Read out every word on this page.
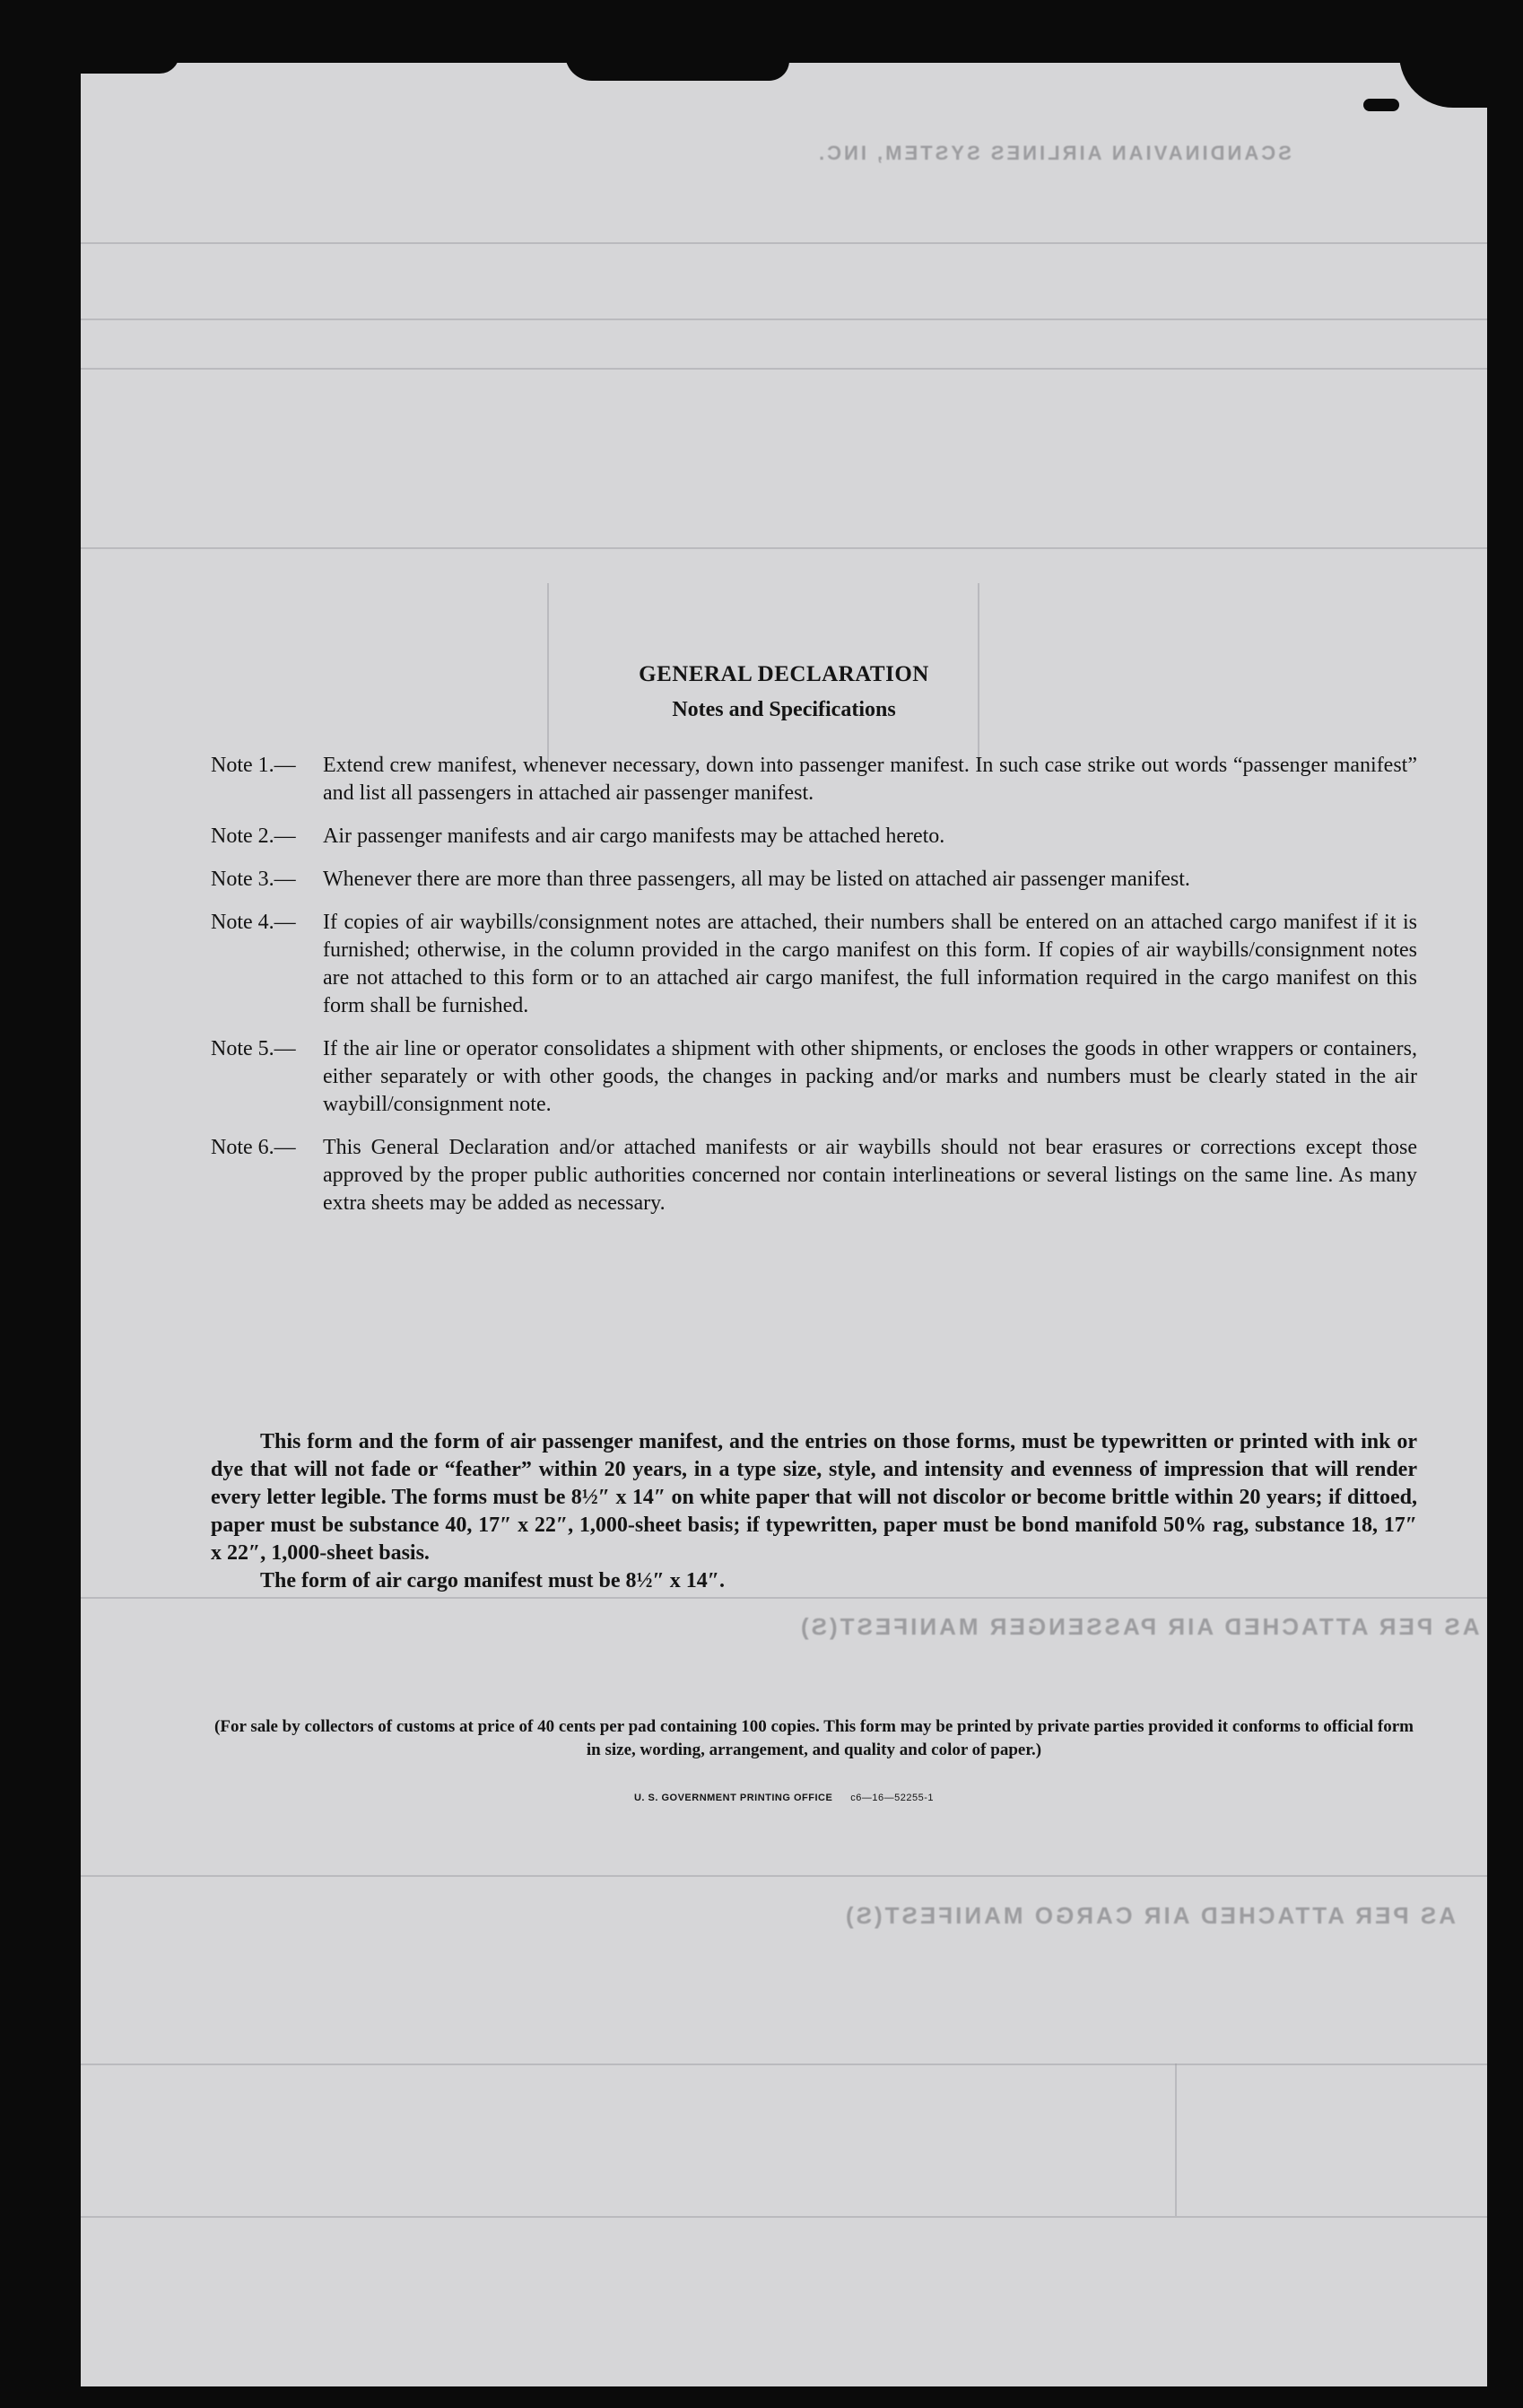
SCANDINAVIAN AIRLINES SYSTEM, INC.
AS PER ATTACHED AIR PASSENGER MANIFEST(S)
AS PER ATTACHED AIR CARGO MANIFEST(S)
GENERAL DECLARATION
Notes and Specifications
Note 1.—	Extend crew manifest, whenever necessary, down into passenger manifest. In such case strike out words “passenger manifest” and list all passengers in attached air passenger manifest.
Note 2.—	Air passenger manifests and air cargo manifests may be attached hereto.
Note 3.—	Whenever there are more than three passengers, all may be listed on attached air passenger manifest.
Note 4.—	If copies of air waybills/consignment notes are attached, their numbers shall be entered on an attached cargo manifest if it is furnished; otherwise, in the column provided in the cargo manifest on this form. If copies of air waybills/consignment notes are not attached to this form or to an attached air cargo manifest, the full information required in the cargo manifest on this form shall be furnished.
Note 5.—	If the air line or operator consolidates a shipment with other shipments, or encloses the goods in other wrappers or containers, either separately or with other goods, the changes in packing and/or marks and numbers must be clearly stated in the air waybill/consignment note.
Note 6.—	This General Declaration and/or attached manifests or air waybills should not bear erasures or corrections except those approved by the proper public authorities concerned nor contain interlineations or several listings on the same line. As many extra sheets may be added as necessary.

This form and the form of air passenger manifest, and the entries on those forms, must be typewritten or printed with ink or dye that will not fade or “feather” within 20 years, in a type size, style, and intensity and evenness of impression that will render every letter legible. The forms must be 8½″ x 14″ on white paper that will not discolor or become brittle within 20 years; if dittoed, paper must be substance 40, 17″ x 22″, 1,000-sheet basis; if typewritten, paper must be bond manifold 50% rag, substance 18, 17″ x 22″, 1,000-sheet basis.

The form of air cargo manifest must be 8½″ x 14″.

(For sale by collectors of customs at price of 40 cents per pad containing 100 copies. This form may be printed by private parties provided it conforms to official form in size, wording, arrangement, and quality and color of paper.)
U. S. GOVERNMENT PRINTING OFFICE c6—16—52255-1
